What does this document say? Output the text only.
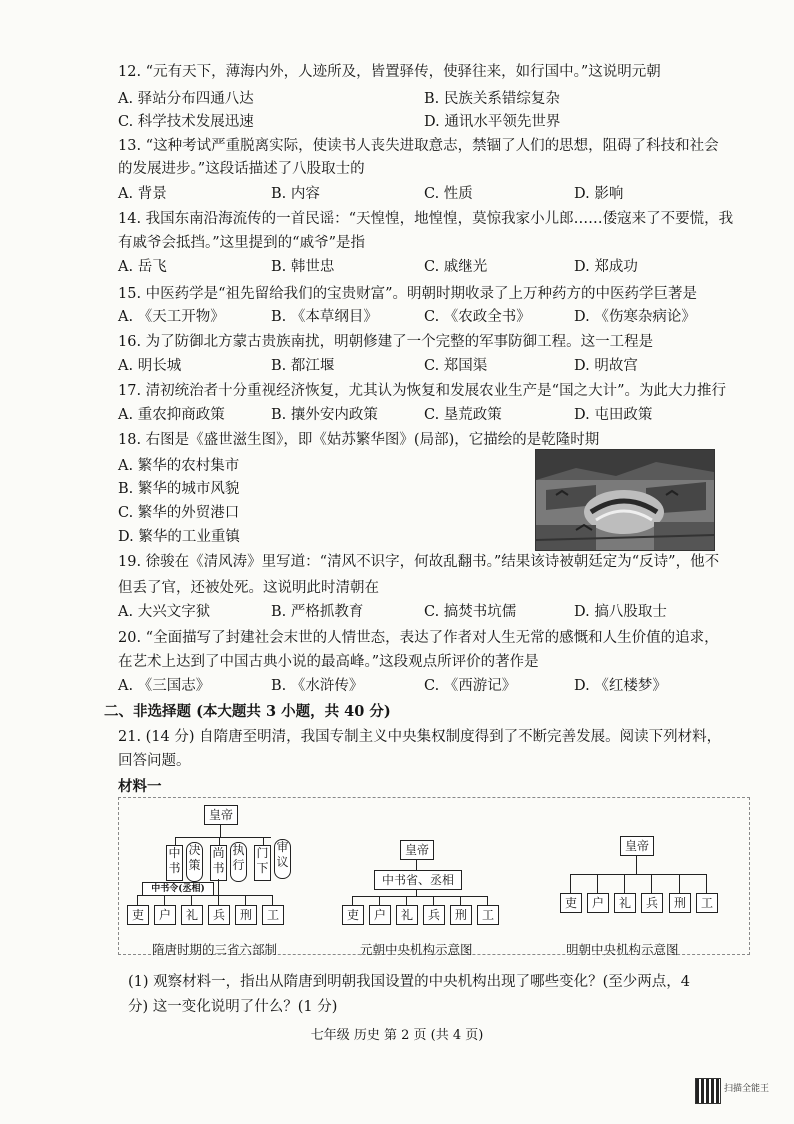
12. “元有天下，薄海内外，人迹所及，皆置驿传，使驿往来，如行国中。”这说明元朝
A. 驿站分布四通八达	B. 民族关系错综复杂
C. 科学技术发展迅速	D. 通讯水平领先世界
13. “这种考试严重脱离实际，使读书人丧失进取意志，禁锢了人们的思想，阻碍了科技和社会
的发展进步。”这段话描述了八股取士的
A. 背景	B. 内容	C. 性质	D. 影响
14. 我国东南沿海流传的一首民谣：“天惶惶，地惶惶，莫惊我家小儿郎……倭寇来了不要慌，我
有戚爷会抵挡。”这里提到的“戚爷”是指
A. 岳飞	B. 韩世忠	C. 戚继光	D. 郑成功
15. 中医药学是“祖先留给我们的宝贵财富”。明朝时期收录了上万种药方的中医药学巨著是
A. 《天工开物》	B. 《本草纲目》	C. 《农政全书》	D. 《伤寒杂病论》
16. 为了防御北方蒙古贵族南扰，明朝修建了一个完整的军事防御工程。这一工程是
A. 明长城	B. 都江堰	C. 郑国渠	D. 明故宫
17. 清初统治者十分重视经济恢复，尤其认为恢复和发展农业生产是“国之大计”。为此大力推行
A. 重农抑商政策	B. 攘外安内政策	C. 垦荒政策	D. 屯田政策
18. 右图是《盛世滋生图》，即《姑苏繁华图》(局部)，它描绘的是乾隆时期
A. 繁华的农村集市
B. 繁华的城市风貌
C. 繁华的外贸港口
D. 繁华的工业重镇
19. 徐骏在《清风涛》里写道：“清风不识字，何故乱翻书。”结果该诗被朝廷定为“反诗”，他不
但丢了官，还被处死。这说明此时清朝在
A. 大兴文字狱	B. 严格抓教育	C. 搞焚书坑儒	D. 搞八股取士
20. “全面描写了封建社会末世的人情世态，表达了作者对人生无常的感慨和人生价值的追求，
在艺术上达到了中国古典小说的最高峰。”这段观点所评价的著作是
A. 《三国志》	B. 《水浒传》	C. 《西游记》	D. 《红楼梦》
二、非选择题 (本大题共 3 小题，共 40 分)
21. (14 分) 自隋唐至明清，我国专制主义中央集权制度得到了不断完善发展。阅读下列材料，
回答问题。
材料一
皇帝
中书
决策
尚书
执行
门下
审议
中书令(丞相)
吏	户	礼	兵	刑	工
隋唐时期的三省六部制
皇帝
中书省、丞相
吏	户	礼	兵	刑	工
元朝中央机构示意图
皇帝
吏	户	礼	兵	刑	工
明朝中央机构示意图
(1) 观察材料一，指出从隋唐到明朝我国设置的中央机构出现了哪些变化？(至少两点，4
分) 这一变化说明了什么？(1 分)
七年级 历史 第 2 页 (共 4 页)
扫描全能王
